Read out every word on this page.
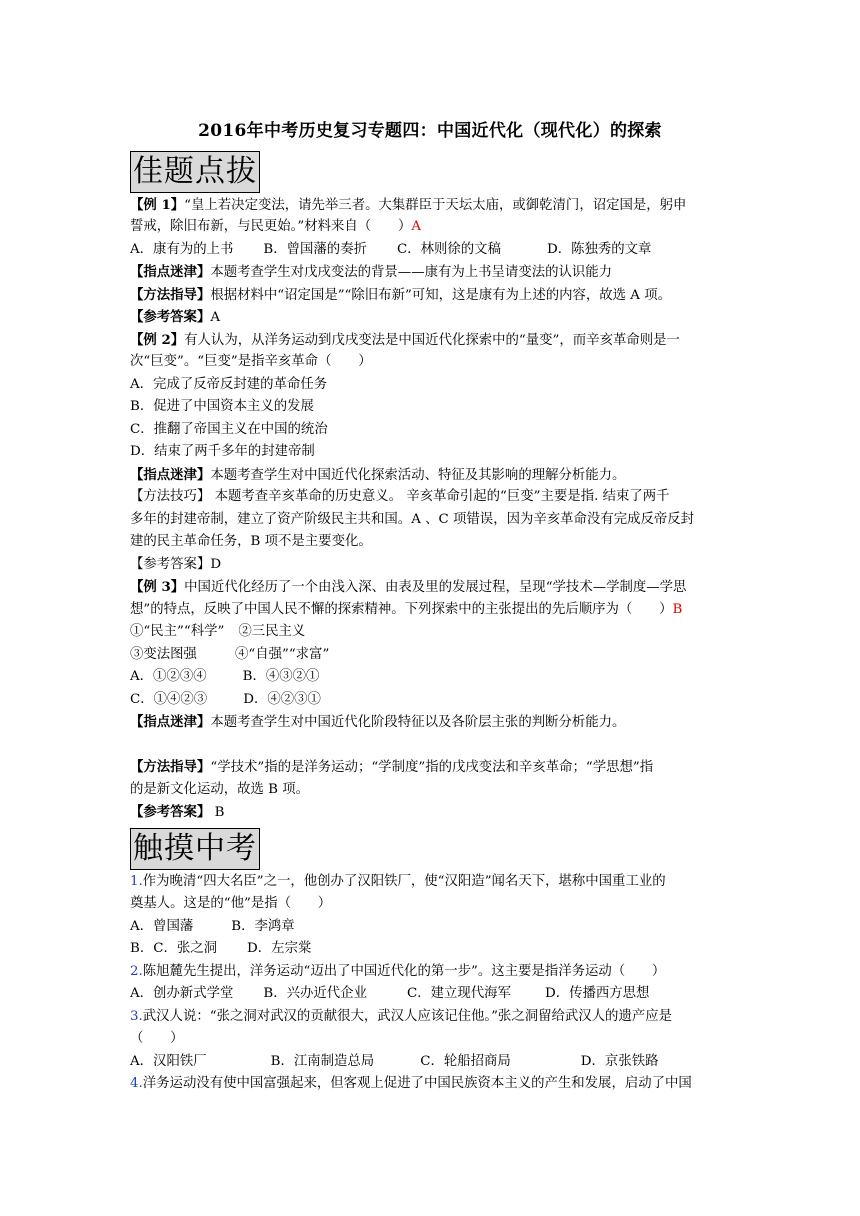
2016年中考历史复习专题四：中国近代化（现代化）的探索
佳题点拔
【例 1】“皇上若决定变法，请先举三者。大集群臣于天坛太庙，或御乾清门，诏定国是，躬申
誓戒，除旧布新，与民更始。”材料来自（　　）A
A．康有为的上书 B．曾国藩的奏折 C．林则徐的文稿	D．陈独秀的文章
【指点迷津】本题考查学生对戊戌变法的背景——康有为上书呈请变法的认识能力
【方法指导】根据材料中“诏定国是”“除旧布新”可知，这是康有为上述的内容，故选 A 项。
【参考答案】A
【例 2】有人认为，从洋务运动到戊戌变法是中国近代化探索中的“量变”，而辛亥革命则是一
次“巨变”。“巨变”是指辛亥革命（　　）
A．完成了反帝反封建的革命任务
B．促进了中国资本主义的发展
C．推翻了帝国主义在中国的统治
D．结束了两千多年的封建帝制
【指点迷津】本题考查学生对中国近代化探索活动、特征及其影响的理解分析能力。
【方法技巧】 本题考查辛亥革命的历史意义。 辛亥革命引起的“巨变”主要是指. 结束了两千
多年的封建帝制，建立了资产阶级民主共和国。A 、C 项错误，因为辛亥革命没有完成反帝反封
建的民主革命任务，B 项不是主要变化。
【参考答案】D
【例 3】中国近代化经历了一个由浅入深、由表及里的发展过程，呈现“学技术—学制度—学思
想”的特点，反映了中国人民不懈的探索精神。下列探索中的主张提出的先后顺序为（　　）B
①“民主”“科学” ②三民主义
③变法图强	④“自强”“求富”
A．①②③④	B．④③②①
C．①④②③	D．④②③①
【指点迷津】本题考查学生对中国近代化阶段特征以及各阶层主张的判断分析能力。
【方法指导】“学技术”指的是洋务运动；“学制度”指的戊戌变法和辛亥革命；“学思想”指
的是新文化运动，故选 B 项。
【参考答案】 B
触摸中考
1.作为晚清“四大名臣”之一，他创办了汉阳铁厂，使“汉阳造”闻名天下，堪称中国重工业的
奠基人。这是的“他”是指（　　）
A．曾国藩	B．李鸿章
B．C．张之洞 D．左宗棠
2.陈旭麓先生提出，洋务运动“迈出了中国近代化的第一步”。这主要是指洋务运动（　　）
A．创办新式学堂 B．兴办近代企业	C．建立现代海军	D．传播西方思想
3.武汉人说：“张之洞对武汉的贡献很大，武汉人应该记住他。”张之洞留给武汉人的遗产应是
（　　）
A．汉阳铁厂	B．江南制造总局	C．轮船招商局	D．京张铁路
4.洋务运动没有使中国富强起来，但客观上促进了中国民族资本主义的产生和发展，启动了中国
